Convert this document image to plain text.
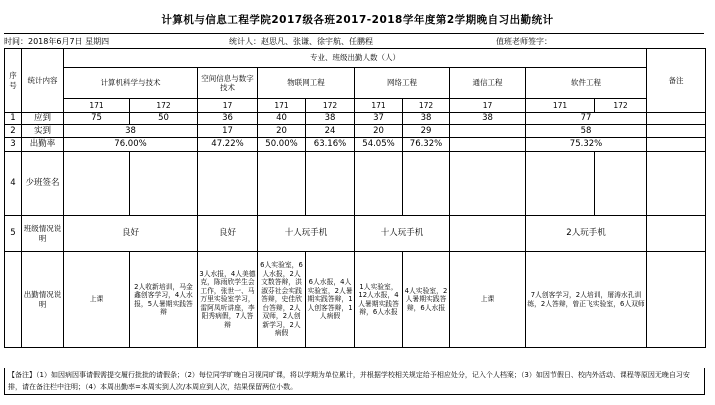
计算机与信息工程学院2017级各班2017-2018学年度第2学期晚自习出勤统计
时间：2018年6月7日 星期四	统计人：赵思凡、张谦、徐宇航、任鹏程	值班老师签字：
序号	统计内容	专业、班级出勤人数（人）										备注
		计算机科学与技术		空间信息与数字技术	物联网工程		网络工程		通信工程	软件工程		
		171	172	17	171	172	171	172	17	171	172	
1	应到	75	50	36	40	38	37	38	38	77		
2	实到	38		17	20	24	20	29		58		
3	出勤率	76.00%		47.22%	50.00%	63.16%	54.05%	76.32%		75.32%		
4	少班签名											
5	班级情况说明	良好		良好	十人玩手机		十人玩手机			2人玩手机		
	出勤情况说明	上课	2人收新培训，马金鑫创客学习，4人水报，5人暑期实践答辩	3人水报，4人美德克，陈雨欣学生会工作，张世一、马万里实验室学习，雷阿凤听讲座，李阳秀病假，7人答辩	6人实验室，6人水报，2人文数答辩，洪淑芬社会实践答辩，史佳欣台答辩，2人双师，2人创新学习，2人病假	6人水报，4人实验室，2人暑期实践答辩，1人创客答辩，1人病假	1人实验室，12人水报，4人暑期实践答辩，6人水报	4人实验室，2人暑期实践答辩，6人水报	上课	7人创客学习，2人培训，屠涛水孔训练，2人答辩，曾正飞实验室，6人双师		
【备注】（1）如因病因事请假需提交履行批批的请假条；（2）每位同学旷晚自习视同旷课，将以学期为单位累计，并根据学校相关规定给予相应处分，记入个人档案；（3）如因节假日、校内外活动、课程等原因无晚自习安排，请在备注栏中注明；（4）本周出勤率=本周实到人次/本周应到人次，结果保留两位小数。
